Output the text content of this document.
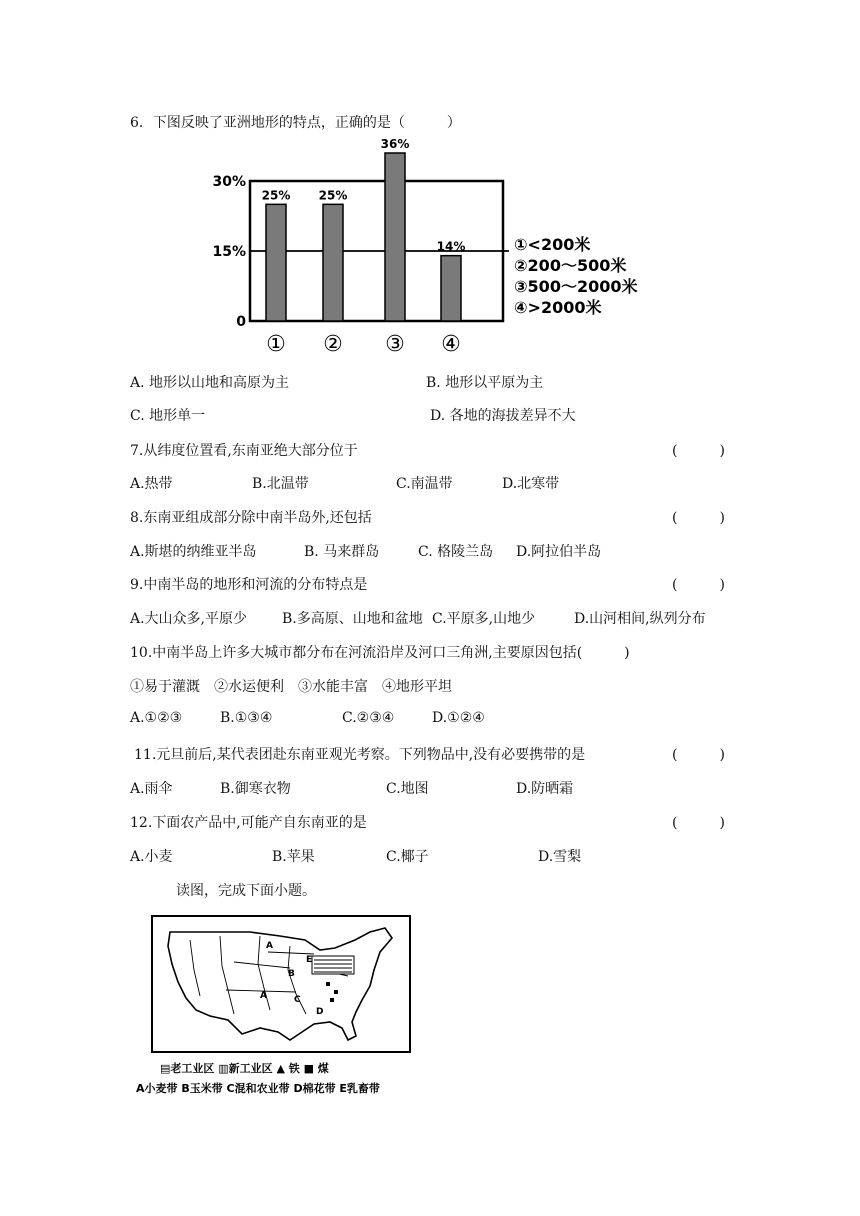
6．下图反映了亚洲地形的特点，正确的是（　　　）
0
15%
30%
25%
①
25%
②
36%
③
14%
④
①<200米
②200～500米
③500～2000米
④>2000米
A. 地形以山地和高原为主	B. 地形以平原为主
C. 地形单一	D. 各地的海拔差异不大
7.从纬度位置看,东南亚绝大部分位于	(　　　)
A.热带	B.北温带	C.南温带	D.北寒带
8.东南亚组成部分除中南半岛外,还包括	(　　　)
A.斯堪的纳维亚半岛	B. 马来群岛	C. 格陵兰岛 D.阿拉伯半岛
9.中南半岛的地形和河流的分布特点是	(　　　)
A.大山众多,平原少 B.多高原、山地和盆地 C.平原多,山地少	D.山河相间,纵列分布
10.中南半岛上许多大城市都分布在河流沿岸及河口三角洲,主要原因包括(　　　)
①易于灌溉　②水运便利　③水能丰富　④地形平坦
A.①②③	B.①③④	C.②③④	D.①②④
11.元旦前后,某代表团赴东南亚观光考察。下列物品中,没有必要携带的是	(　　　)
A.雨伞	B.御寒衣物	C.地图	D.防晒霜
12.下面农产品中,可能产自东南亚的是	(　　　)
A.小麦	B.苹果	C.椰子	D.雪梨
读图，完成下面小题。
A
A
B
E
C
D
▤老工业区 ▥新工业区 ▲ 铁 ■ 煤
A小麦带 B玉米带 C混和农业带 D棉花带 E乳畜带
